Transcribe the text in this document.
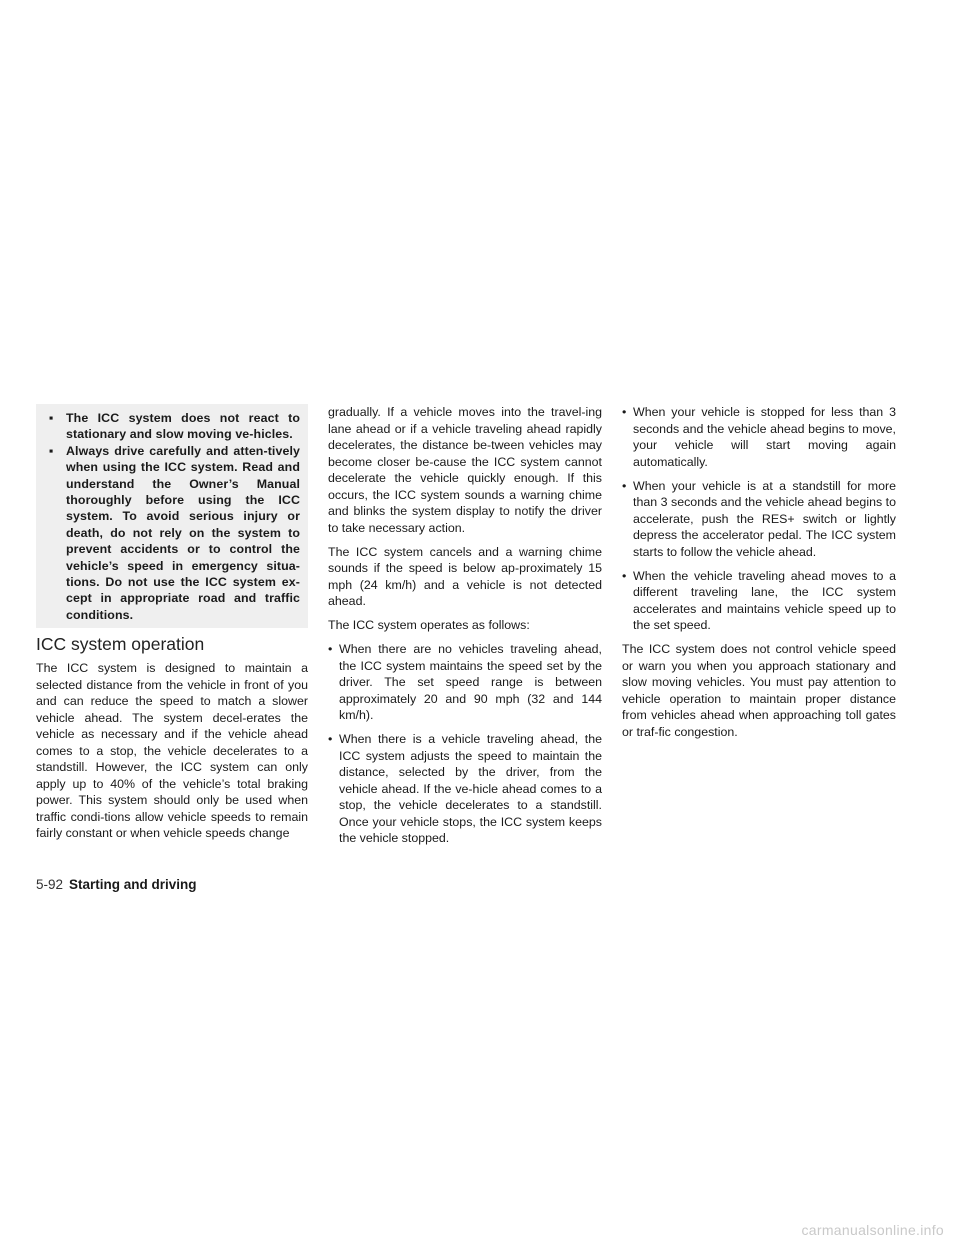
▪ The ICC system does not react to stationary and slow moving ve-hicles.
▪ Always drive carefully and atten-tively when using the ICC system. Read and understand the Owner’s Manual thoroughly before using the ICC system. To avoid serious injury or death, do not rely on the system to prevent accidents or to control the vehicle’s speed in emergency situa-tions. Do not use the ICC system ex-cept in appropriate road and traffic conditions.
ICC system operation

The ICC system is designed to maintain a selected distance from the vehicle in front of you and can reduce the speed to match a slower vehicle ahead. The system decel-erates the vehicle as necessary and if the vehicle ahead comes to a stop, the vehicle decelerates to a standstill. However, the ICC system can only apply up to 40% of the vehicle’s total braking power. This system should only be used when traffic condi-tions allow vehicle speeds to remain fairly constant or when vehicle speeds change

gradually. If a vehicle moves into the travel-ing lane ahead or if a vehicle traveling ahead rapidly decelerates, the distance be-tween vehicles may become closer be-cause the ICC system cannot decelerate the vehicle quickly enough. If this occurs, the ICC system sounds a warning chime and blinks the system display to notify the driver to take necessary action.

The ICC system cancels and a warning chime sounds if the speed is below ap-proximately 15 mph (24 km/h) and a vehicle is not detected ahead.

The ICC system operates as follows:

• When there are no vehicles traveling ahead, the ICC system maintains the speed set by the driver. The set speed range is between approximately 20 and 90 mph (32 and 144 km/h).
• When there is a vehicle traveling ahead, the ICC system adjusts the speed to maintain the distance, selected by the driver, from the vehicle ahead. If the ve-hicle ahead comes to a stop, the vehicle decelerates to a standstill. Once your vehicle stops, the ICC system keeps the vehicle stopped.
• When your vehicle is stopped for less than 3 seconds and the vehicle ahead begins to move, your vehicle will start moving again automatically.
• When your vehicle is at a standstill for more than 3 seconds and the vehicle ahead begins to accelerate, push the RES+ switch or lightly depress the accelerator pedal. The ICC system starts to follow the vehicle ahead.
• When the vehicle traveling ahead moves to a different traveling lane, the ICC system accelerates and maintains vehicle speed up to the set speed.

The ICC system does not control vehicle speed or warn you when you approach stationary and slow moving vehicles. You must pay attention to vehicle operation to maintain proper distance from vehicles ahead when approaching toll gates or traf-fic congestion.

5-92 Starting and driving
carmanualsonline.info
